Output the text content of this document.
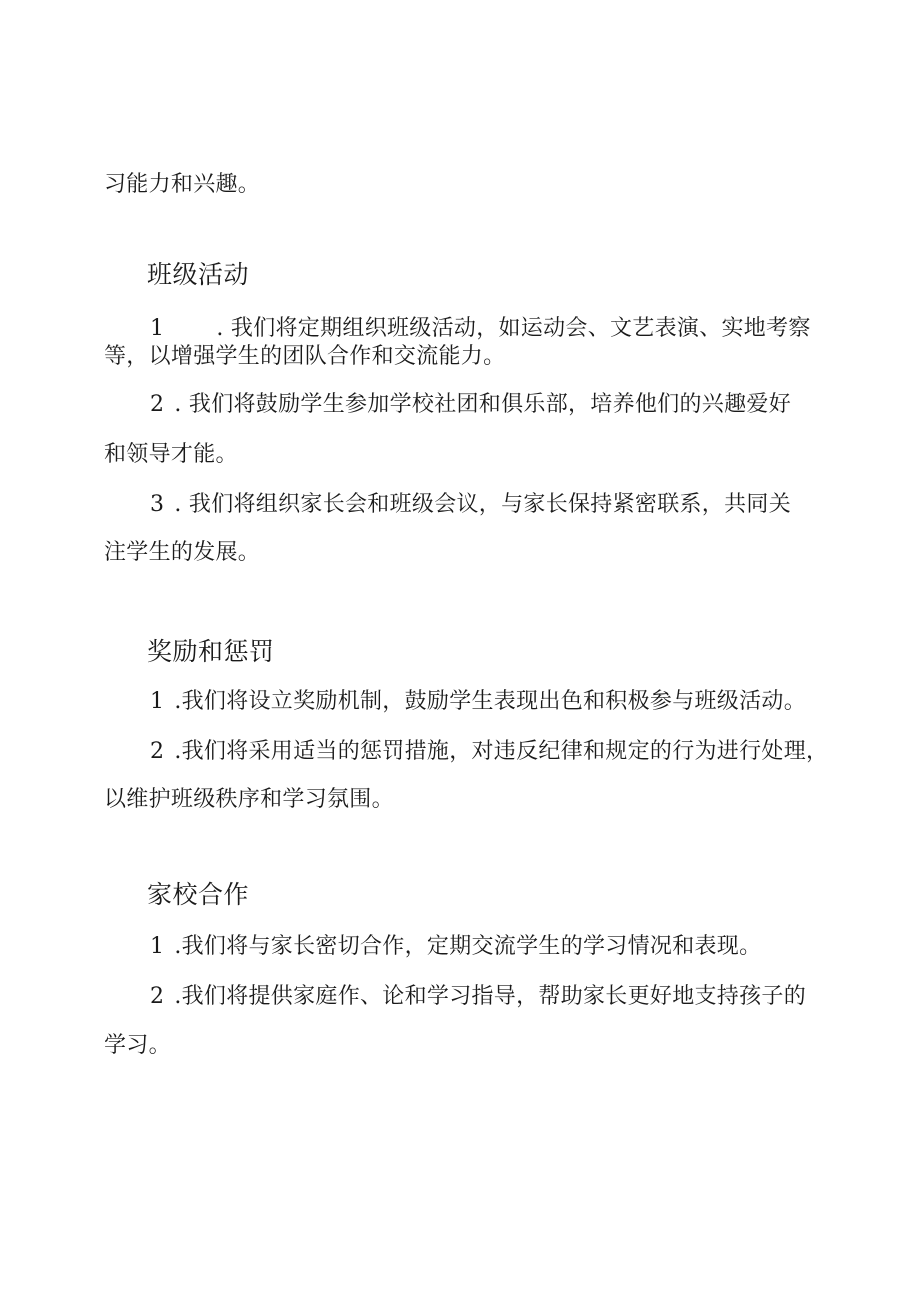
习能力和兴趣。
班级活动
1 . 我们将定期组织班级活动，如运动会、文艺表演、实地考察
等，以增强学生的团队合作和交流能力。
2 . 我们将鼓励学生参加学校社团和俱乐部，培养他们的兴趣爱好
和领导才能。
3 . 我们将组织家长会和班级会议，与家长保持紧密联系，共同关
注学生的发展。
奖励和惩罚
1 .我们将设立奖励机制，鼓励学生表现出色和积极参与班级活动。
2 .我们将采用适当的惩罚措施，对违反纪律和规定的行为进行处理，
以维护班级秩序和学习氛围。
家校合作
1 .我们将与家长密切合作，定期交流学生的学习情况和表现。
2 .我们将提供家庭作、论和学习指导，帮助家长更好地支持孩子的
学习。
